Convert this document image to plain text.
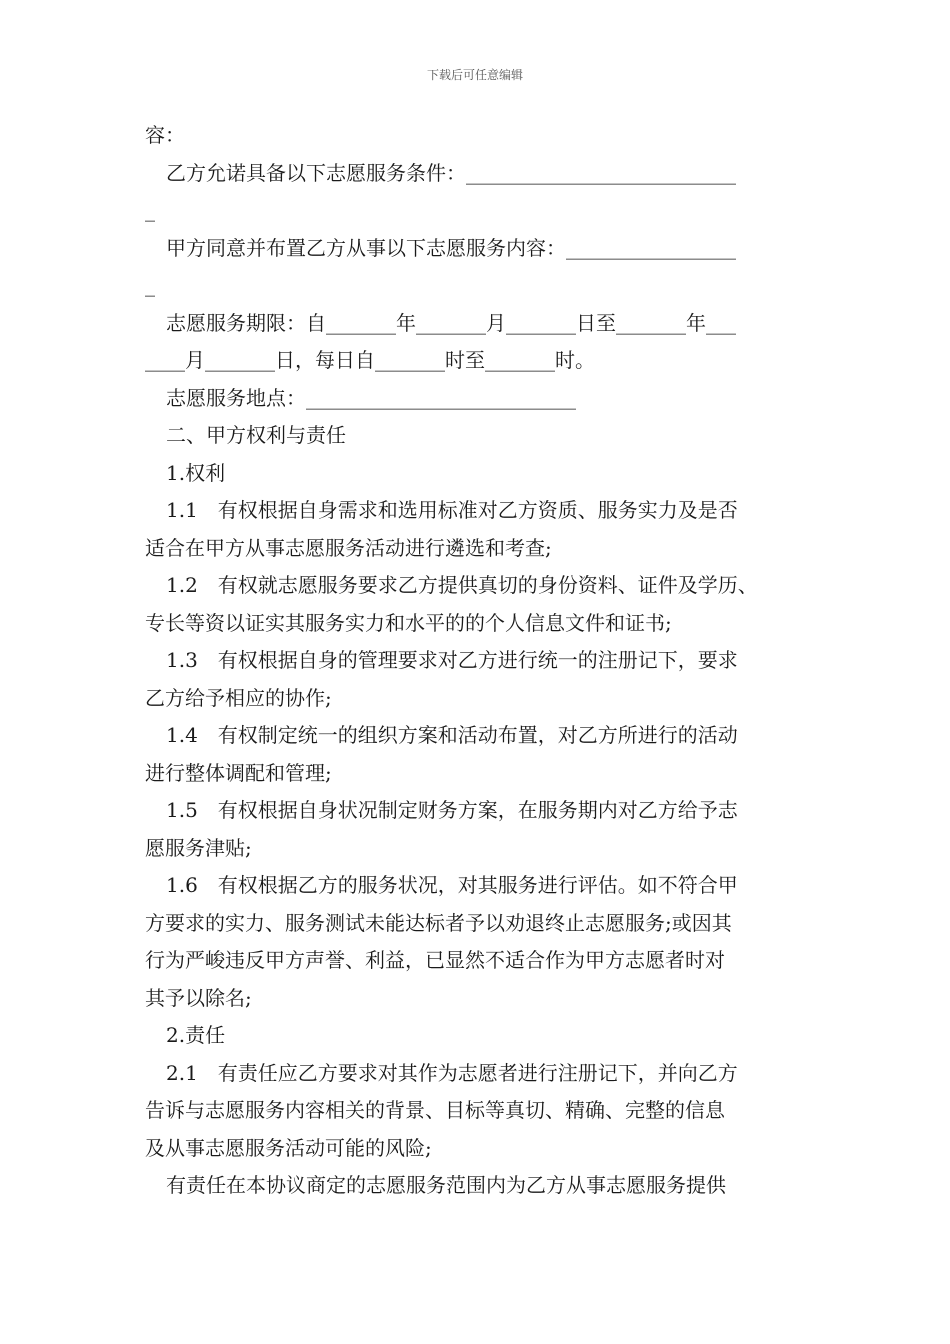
下载后可任意编辑
容：
乙方允诺具备以下志愿服务条件：___________________________
_
甲方同意并布置乙方从事以下志愿服务内容：_________________
_
志愿服务期限：自_______年_______月_______日至_______年___
____月_______日，每日自_______时至_______时。
志愿服务地点：___________________________
二、甲方权利与责任
1.权利
1.1　有权根据自身需求和选用标准对乙方资质、服务实力及是否
适合在甲方从事志愿服务活动进行遴选和考查;
1.2　有权就志愿服务要求乙方提供真切的身份资料、证件及学历、
专长等资以证实其服务实力和水平的的个人信息文件和证书;
1.3　有权根据自身的管理要求对乙方进行统一的注册记下，要求
乙方给予相应的协作;
1.4　有权制定统一的组织方案和活动布置，对乙方所进行的活动
进行整体调配和管理;
1.5　有权根据自身状况制定财务方案，在服务期内对乙方给予志
愿服务津贴;
1.6　有权根据乙方的服务状况，对其服务进行评估。如不符合甲
方要求的实力、服务测试未能达标者予以劝退终止志愿服务;或因其
行为严峻违反甲方声誉、利益，已显然不适合作为甲方志愿者时对
其予以除名;
2.责任
2.1　有责任应乙方要求对其作为志愿者进行注册记下，并向乙方
告诉与志愿服务内容相关的背景、目标等真切、精确、完整的信息
及从事志愿服务活动可能的风险;
有责任在本协议商定的志愿服务范围内为乙方从事志愿服务提供
